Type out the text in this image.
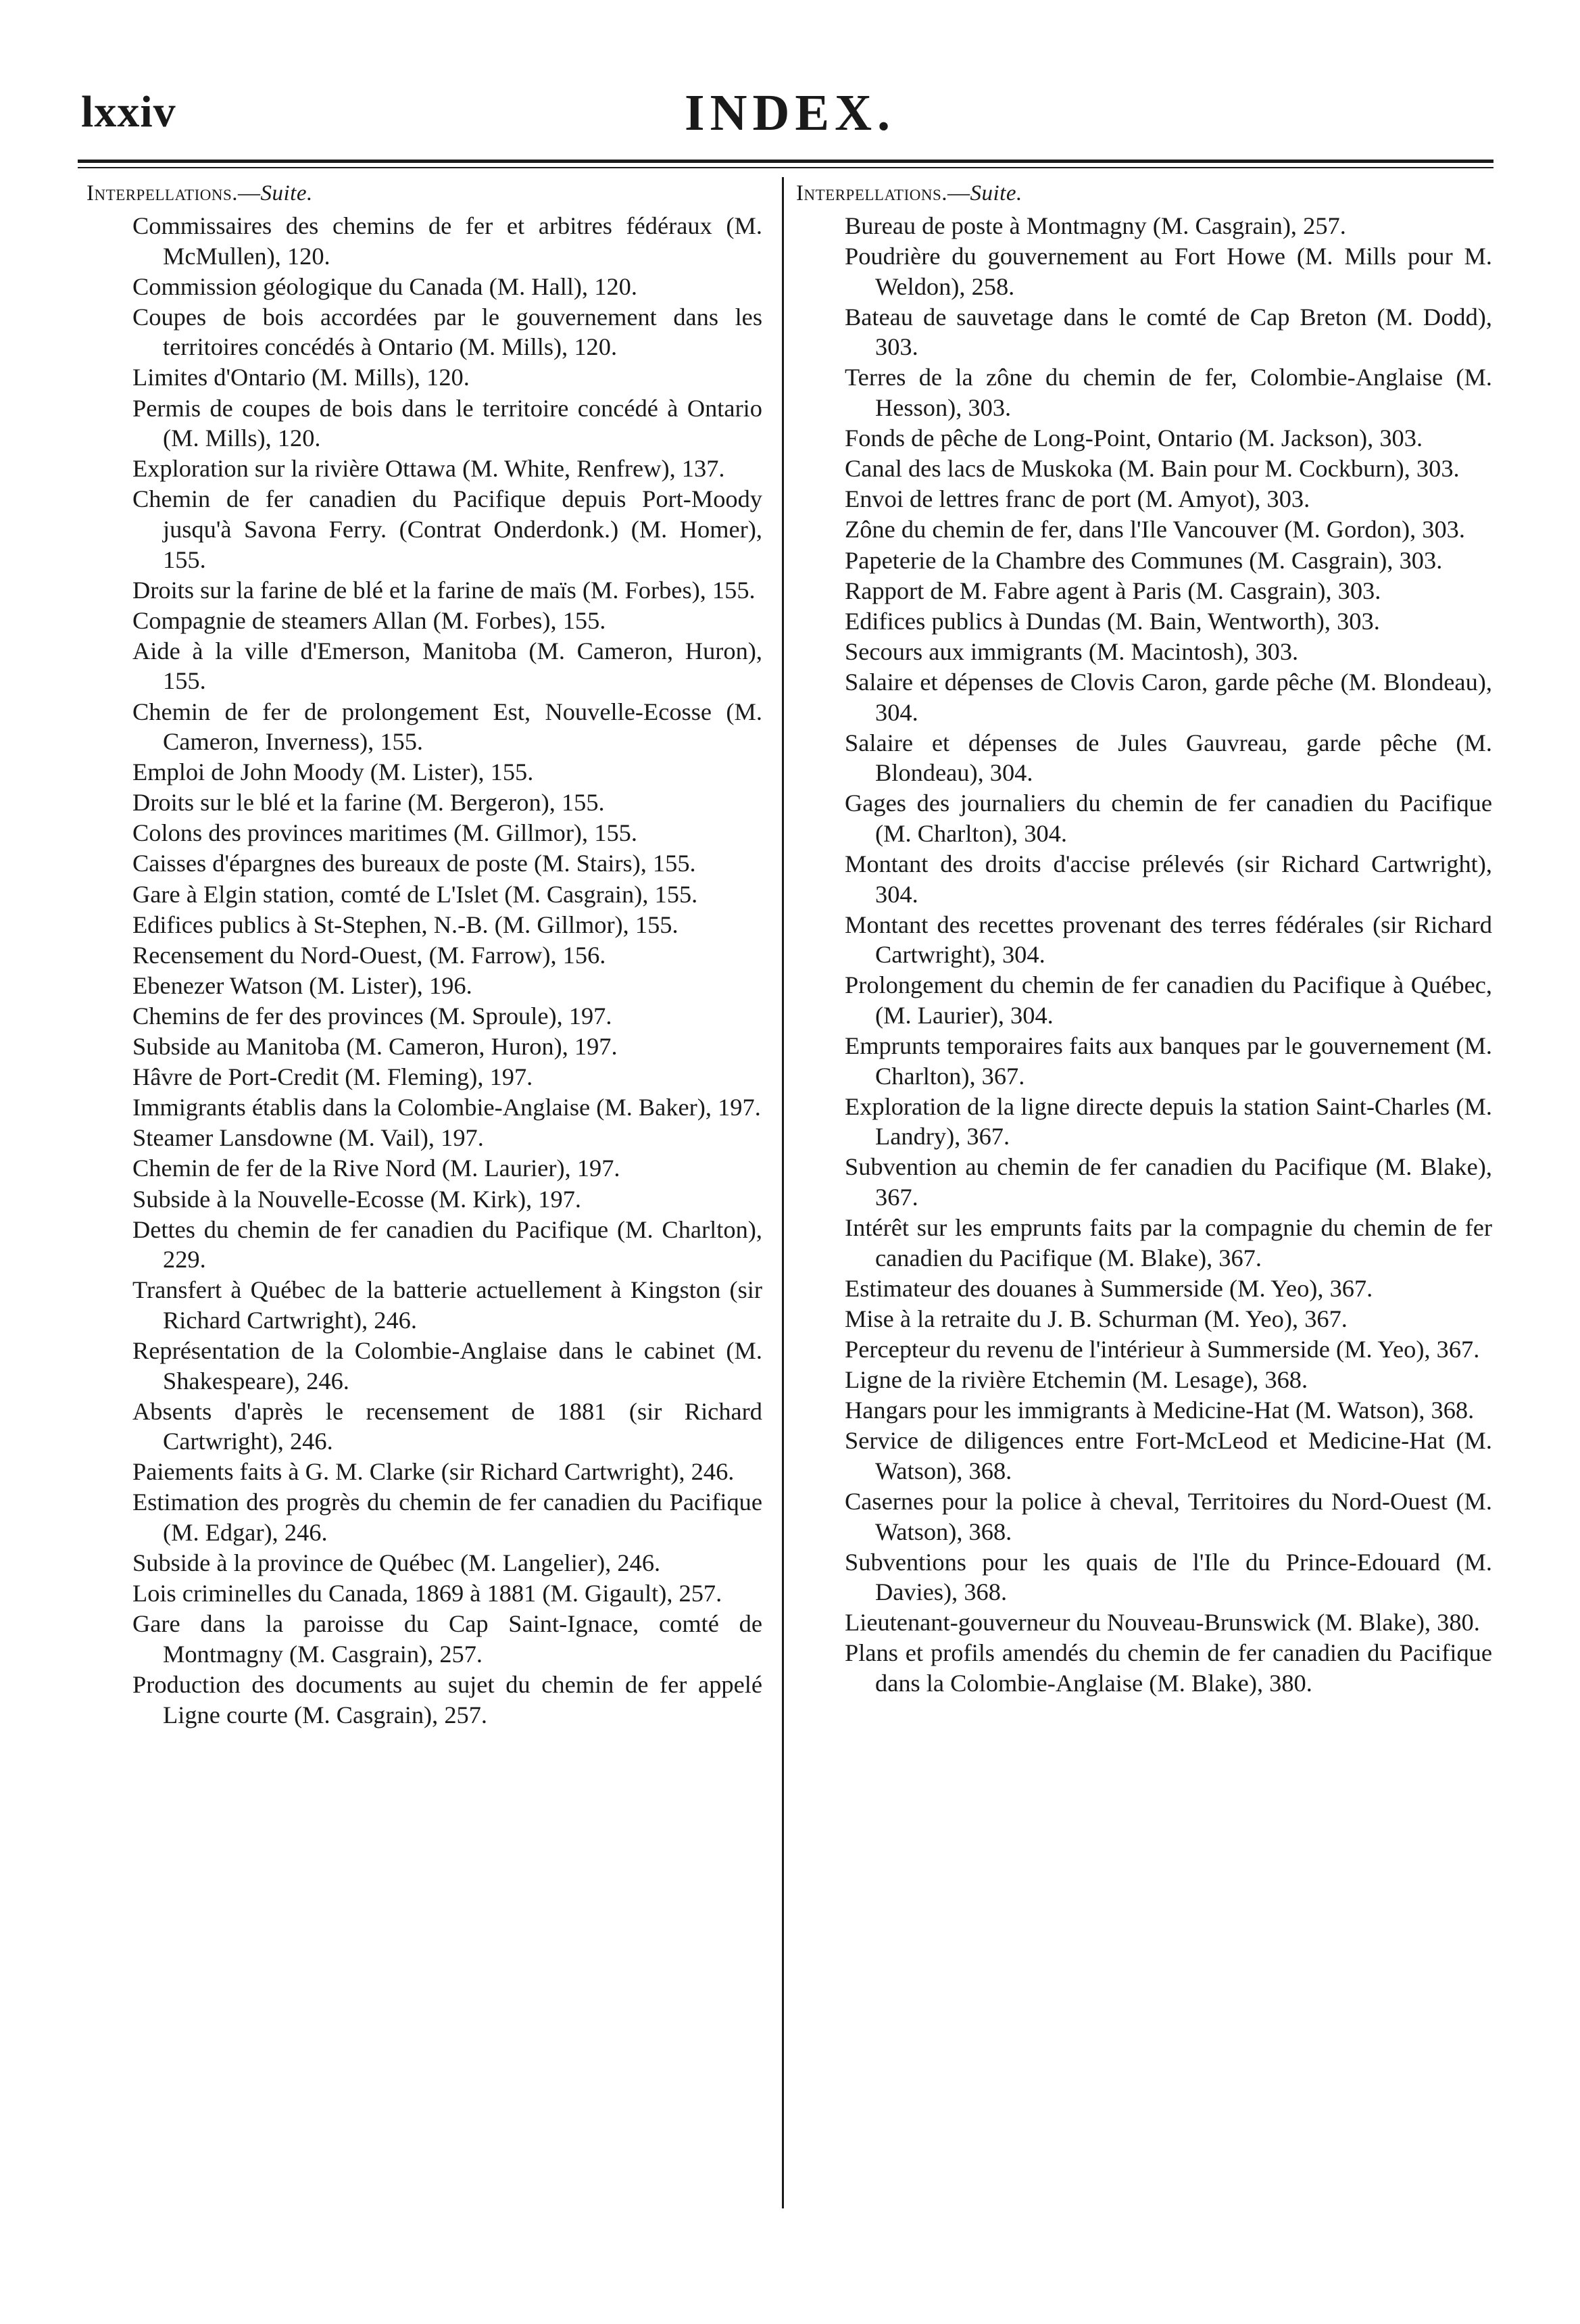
lxxiv	INDEX.
Interpellations.—Suite.
Commissaires des chemins de fer et arbitres fédéraux (M. McMullen), 120.
Commission géologique du Canada (M. Hall), 120.
Coupes de bois accordées par le gouvernement dans les territoires concédés à Ontario (M. Mills), 120.
Limites d'Ontario (M. Mills), 120.
Permis de coupes de bois dans le territoire concédé à Ontario (M. Mills), 120.
Exploration sur la rivière Ottawa (M. White, Renfrew), 137.
Chemin de fer canadien du Pacifique depuis Port-Moody jusqu'à Savona Ferry. (Contrat Onderdonk.) (M. Homer), 155.
Droits sur la farine de blé et la farine de maïs (M. Forbes), 155.
Compagnie de steamers Allan (M. Forbes), 155.
Aide à la ville d'Emerson, Manitoba (M. Cameron, Huron), 155.
Chemin de fer de prolongement Est, Nouvelle-Ecosse (M. Cameron, Inverness), 155.
Emploi de John Moody (M. Lister), 155.
Droits sur le blé et la farine (M. Bergeron), 155.
Colons des provinces maritimes (M. Gillmor), 155.
Caisses d'épargnes des bureaux de poste (M. Stairs), 155.
Gare à Elgin station, comté de L'Islet (M. Casgrain), 155.
Edifices publics à St-Stephen, N.-B. (M. Gillmor), 155.
Recensement du Nord-Ouest, (M. Farrow), 156.
Ebenezer Watson (M. Lister), 196.
Chemins de fer des provinces (M. Sproule), 197.
Subside au Manitoba (M. Cameron, Huron), 197.
Hâvre de Port-Credit (M. Fleming), 197.
Immigrants établis dans la Colombie-Anglaise (M. Baker), 197.
Steamer Lansdowne (M. Vail), 197.
Chemin de fer de la Rive Nord (M. Laurier), 197.
Subside à la Nouvelle-Ecosse (M. Kirk), 197.
Dettes du chemin de fer canadien du Pacifique (M. Charlton), 229.
Transfert à Québec de la batterie actuellement à Kingston (sir Richard Cartwright), 246.
Représentation de la Colombie-Anglaise dans le cabinet (M. Shakespeare), 246.
Absents d'après le recensement de 1881 (sir Richard Cartwright), 246.
Paiements faits à G. M. Clarke (sir Richard Cartwright), 246.
Estimation des progrès du chemin de fer canadien du Pacifique (M. Edgar), 246.
Subside à la province de Québec (M. Langelier), 246.
Lois criminelles du Canada, 1869 à 1881 (M. Gigault), 257.
Gare dans la paroisse du Cap Saint-Ignace, comté de Montmagny (M. Casgrain), 257.
Production des documents au sujet du chemin de fer appelé Ligne courte (M. Casgrain), 257.
Interpellations.—Suite.
Bureau de poste à Montmagny (M. Casgrain), 257.
Poudrière du gouvernement au Fort Howe (M. Mills pour M. Weldon), 258.
Bateau de sauvetage dans le comté de Cap Breton (M. Dodd), 303.
Terres de la zône du chemin de fer, Colombie-Anglaise (M. Hesson), 303.
Fonds de pêche de Long-Point, Ontario (M. Jackson), 303.
Canal des lacs de Muskoka (M. Bain pour M. Cockburn), 303.
Envoi de lettres franc de port (M. Amyot), 303.
Zône du chemin de fer, dans l'Ile Vancouver (M. Gordon), 303.
Papeterie de la Chambre des Communes (M. Casgrain), 303.
Rapport de M. Fabre agent à Paris (M. Casgrain), 303.
Edifices publics à Dundas (M. Bain, Wentworth), 303.
Secours aux immigrants (M. Macintosh), 303.
Salaire et dépenses de Clovis Caron, garde pêche (M. Blondeau), 304.
Salaire et dépenses de Jules Gauvreau, garde pêche (M. Blondeau), 304.
Gages des journaliers du chemin de fer canadien du Pacifique (M. Charlton), 304.
Montant des droits d'accise prélevés (sir Richard Cartwright), 304.
Montant des recettes provenant des terres fédérales (sir Richard Cartwright), 304.
Prolongement du chemin de fer canadien du Pacifique à Québec, (M. Laurier), 304.
Emprunts temporaires faits aux banques par le gouvernement (M. Charlton), 367.
Exploration de la ligne directe depuis la station Saint-Charles (M. Landry), 367.
Subvention au chemin de fer canadien du Pacifique (M. Blake), 367.
Intérêt sur les emprunts faits par la compagnie du chemin de fer canadien du Pacifique (M. Blake), 367.
Estimateur des douanes à Summerside (M. Yeo), 367.
Mise à la retraite du J. B. Schurman (M. Yeo), 367.
Percepteur du revenu de l'intérieur à Summerside (M. Yeo), 367.
Ligne de la rivière Etchemin (M. Lesage), 368.
Hangars pour les immigrants à Medicine-Hat (M. Watson), 368.
Service de diligences entre Fort-McLeod et Medicine-Hat (M. Watson), 368.
Casernes pour la police à cheval, Territoires du Nord-Ouest (M. Watson), 368.
Subventions pour les quais de l'Ile du Prince-Edouard (M. Davies), 368.
Lieutenant-gouverneur du Nouveau-Brunswick (M. Blake), 380.
Plans et profils amendés du chemin de fer canadien du Pacifique dans la Colombie-Anglaise (M. Blake), 380.
